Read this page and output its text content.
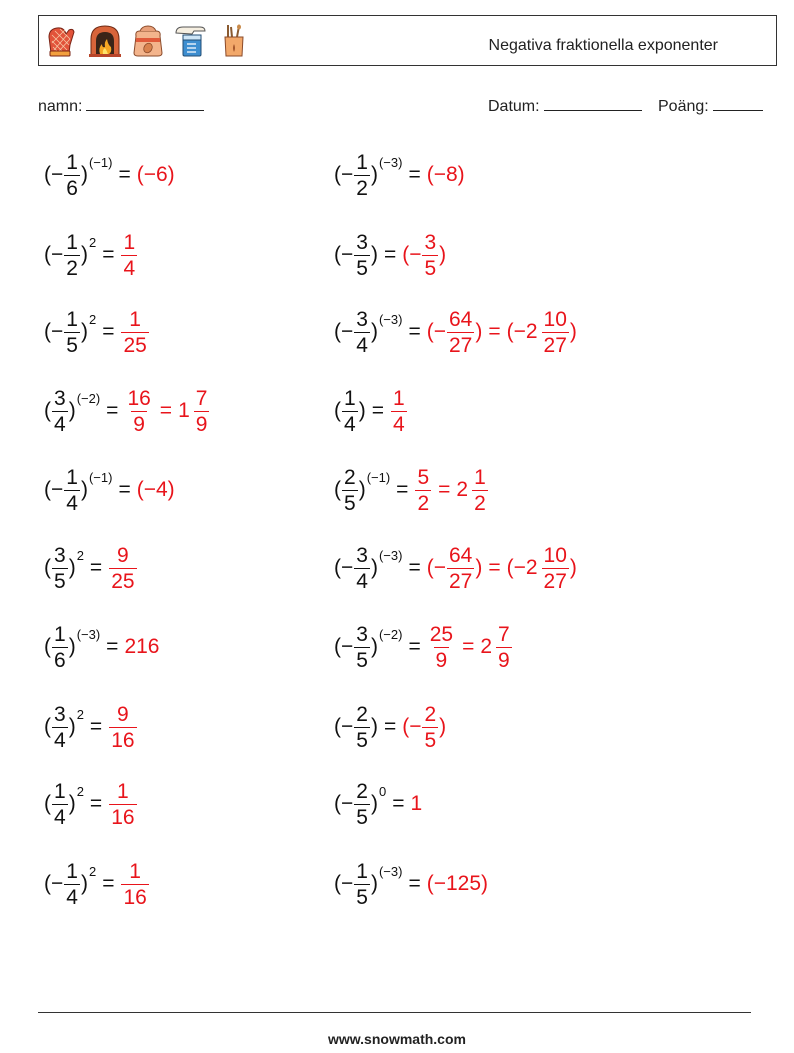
Negativa fraktionella exponenter
namn:	Datum:	Poäng:
(− $\frac{1}{6}$ )
(−1)
= (−6)
(− $\frac{1}{2}$ )
2
= $\frac{1}{4}$
(− $\frac{1}{5}$ )
2
= $\frac{1}{25}$
( $\frac{3}{4}$ )
(−2)
= $\frac{16}{9} = 1 \frac{7}{9}$
(− $\frac{1}{4}$ )
(−1)
= (−4)
( $\frac{3}{5}$ )
2
= $\frac{9}{25}$
( $\frac{1}{6}$ )
(−3)
= 216
( $\frac{3}{4}$ )
2
= $\frac{9}{16}$
( $\frac{1}{4}$ )
2
= $\frac{1}{16}$
(− $\frac{1}{4}$ )
2
= $\frac{1}{16}$
(− $\frac{1}{2}$ )
(−3)
= (−8)
(− $\frac{3}{5}$ ) = (− $\frac{3}{5}$ )
(− $\frac{3}{4}$ )
(−3)
= (− $\frac{64}{27}$ ) = ( $-2 \frac{10}{27}$ )
( $\frac{1}{4}$ ) = $\frac{1}{4}$
( $\frac{2}{5}$ )
(−1)
= $\frac{5}{2} = 2 \frac{1}{2}$
(− $\frac{3}{4}$ )
(−3)
= (− $\frac{64}{27}$ ) = ( $-2 \frac{10}{27}$ )
(− $\frac{3}{5}$ )
(−2)
= $\frac{25}{9} = 2 \frac{7}{9}$
(− $\frac{2}{5}$ ) = (− $\frac{2}{5}$ )
(− $\frac{2}{5}$ )
0
= 1
(− $\frac{1}{5}$ )
(−3)
= (−125)
www.snowmath.com
